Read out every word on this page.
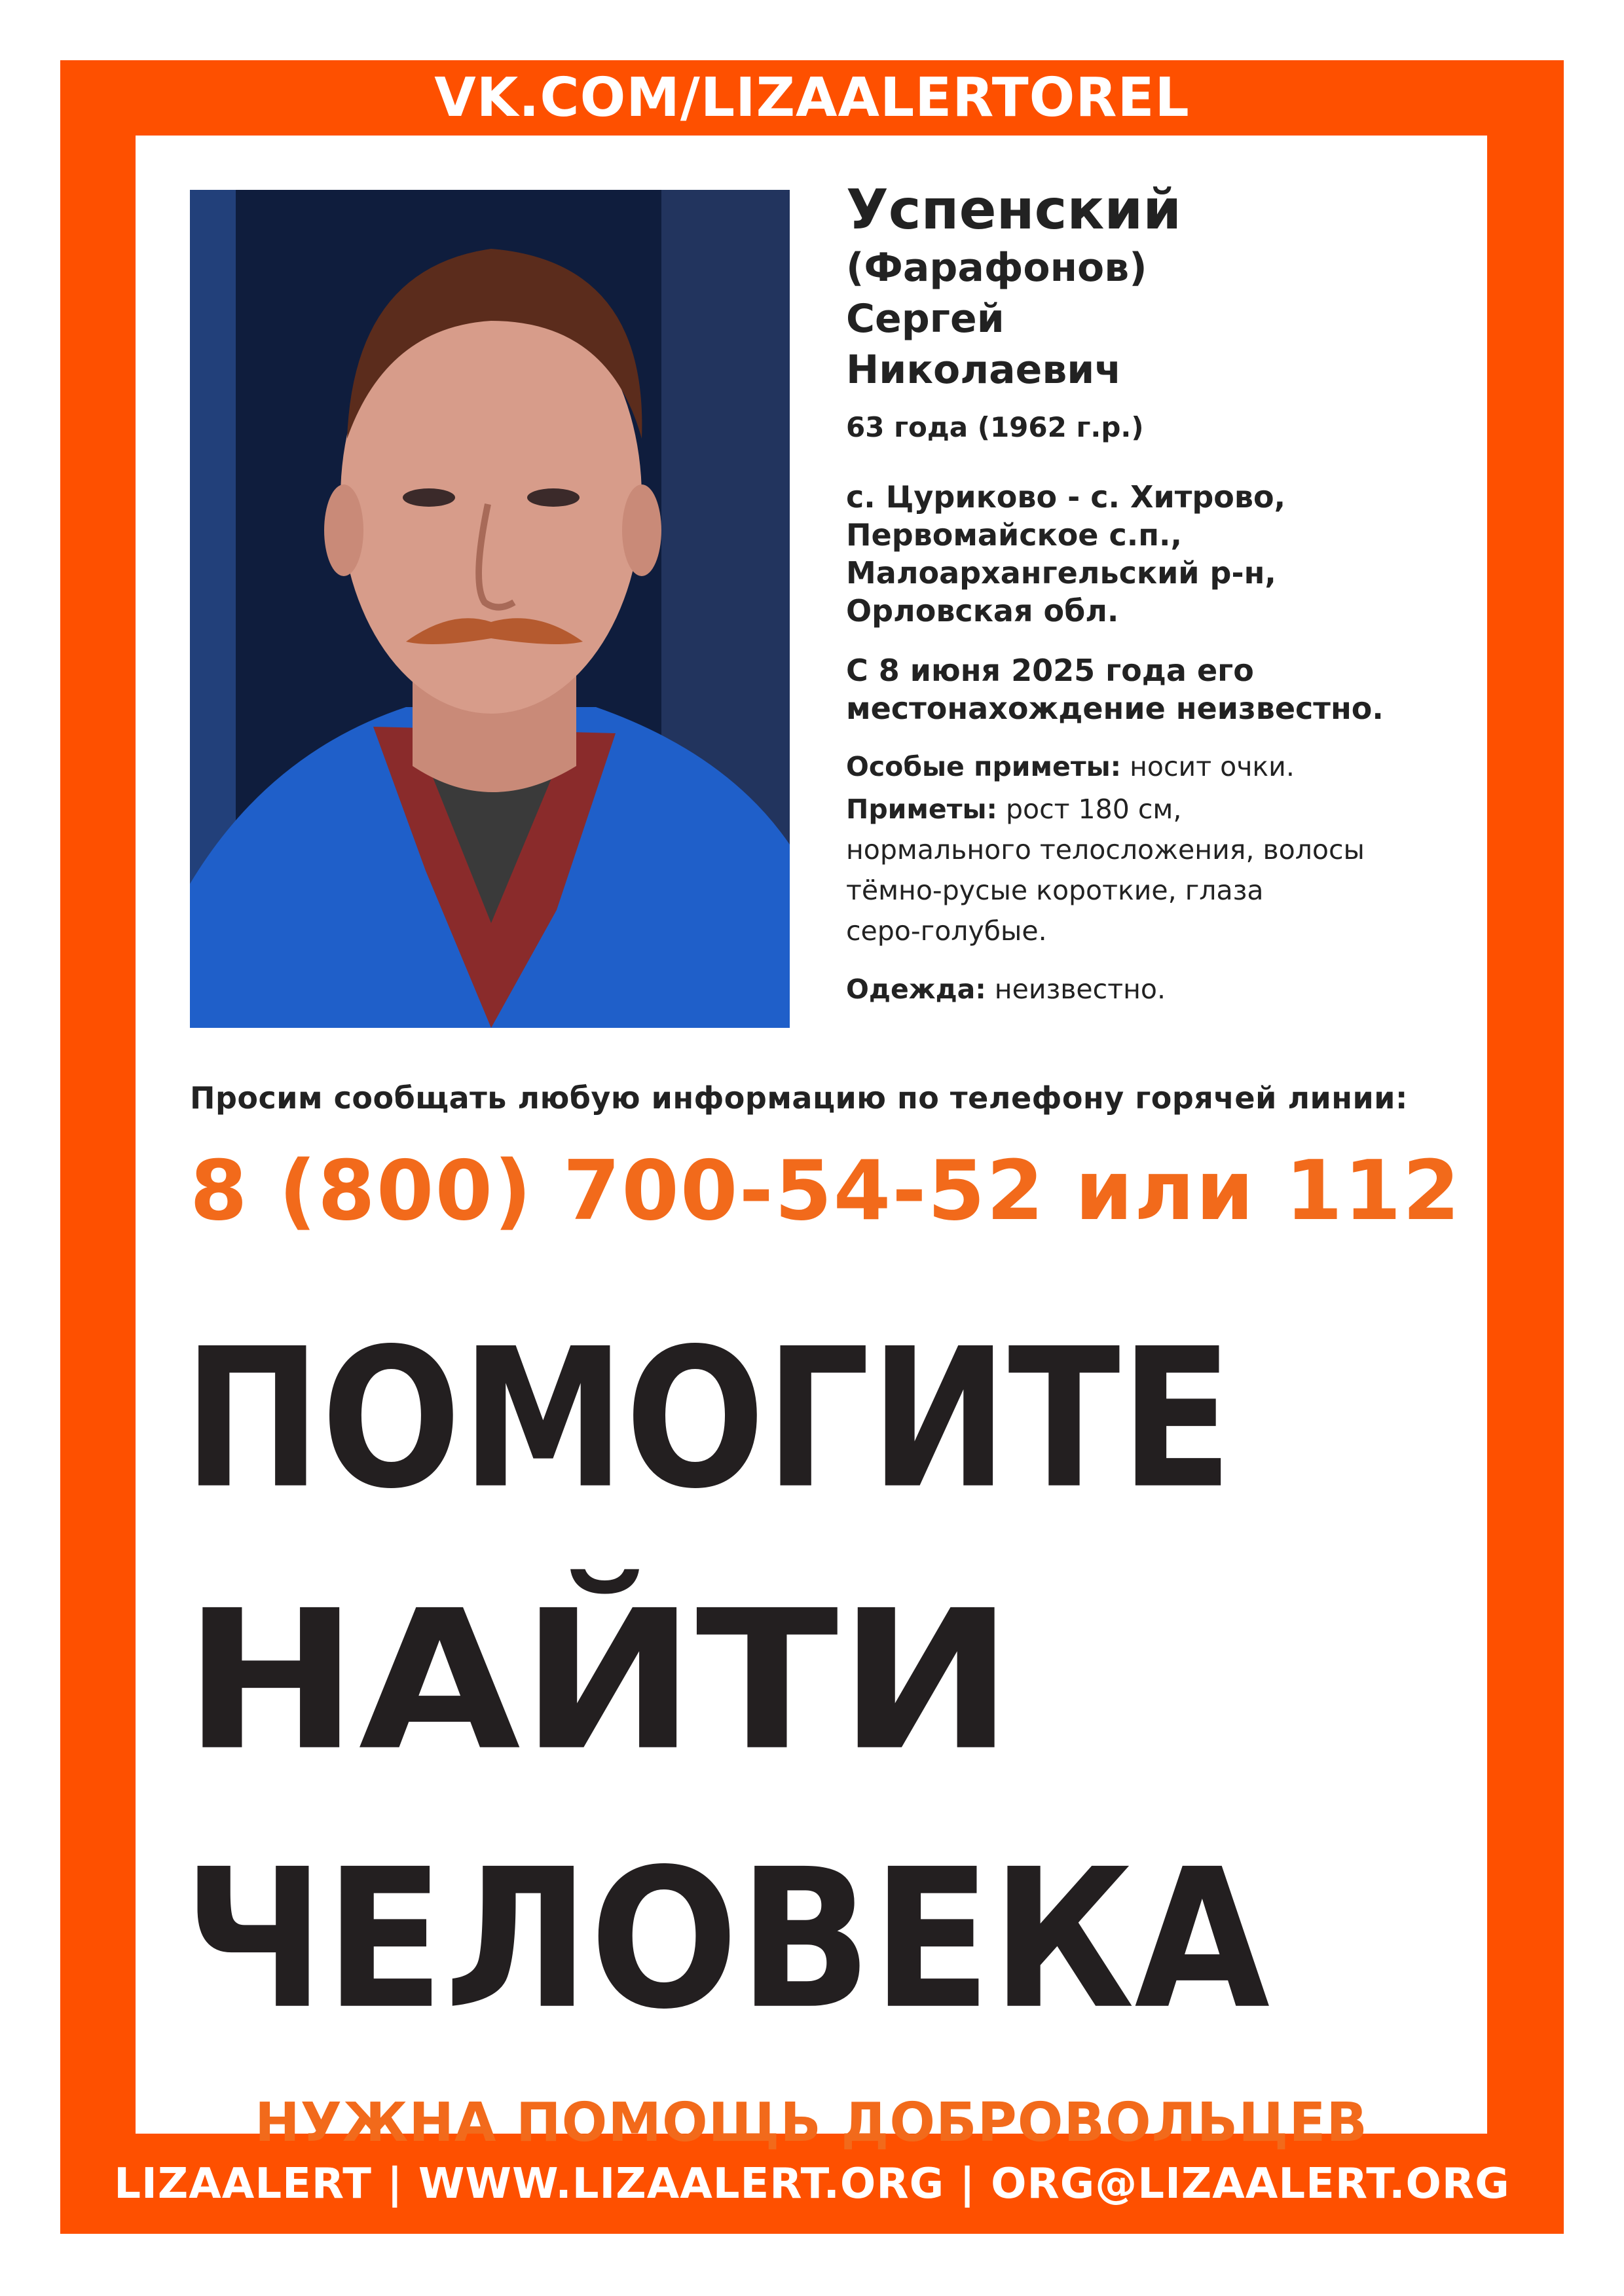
VK.COM/LIZAALERTOREL
Успенский
(Фарафонов)
Сергей
Николаевич
63 года (1962 г.р.)
с. Цуриково - с. Хитрово,
Первомайское с.п.,
Малоархангельский р-н,
Орловская обл.
С 8 июня 2025 года его
местонахождение неизвестно.
Особые приметы: носит очки.
Приметы: рост 180 см,
нормального телосложения, волосы
тёмно-русые короткие, глаза
серо-голубые.
Одежда: неизвестно.
Просим сообщать любую информацию по телефону горячей линии:
8 (800) 700-54-52 или 112
ПОМОГИТЕ
НАЙТИ
ЧЕЛОВЕКА
НУЖНА ПОМОЩЬ ДОБРОВОЛЬЦЕВ
LIZAALERT | WWW.LIZAALERT.ORG | ORG@LIZAALERT.ORG
